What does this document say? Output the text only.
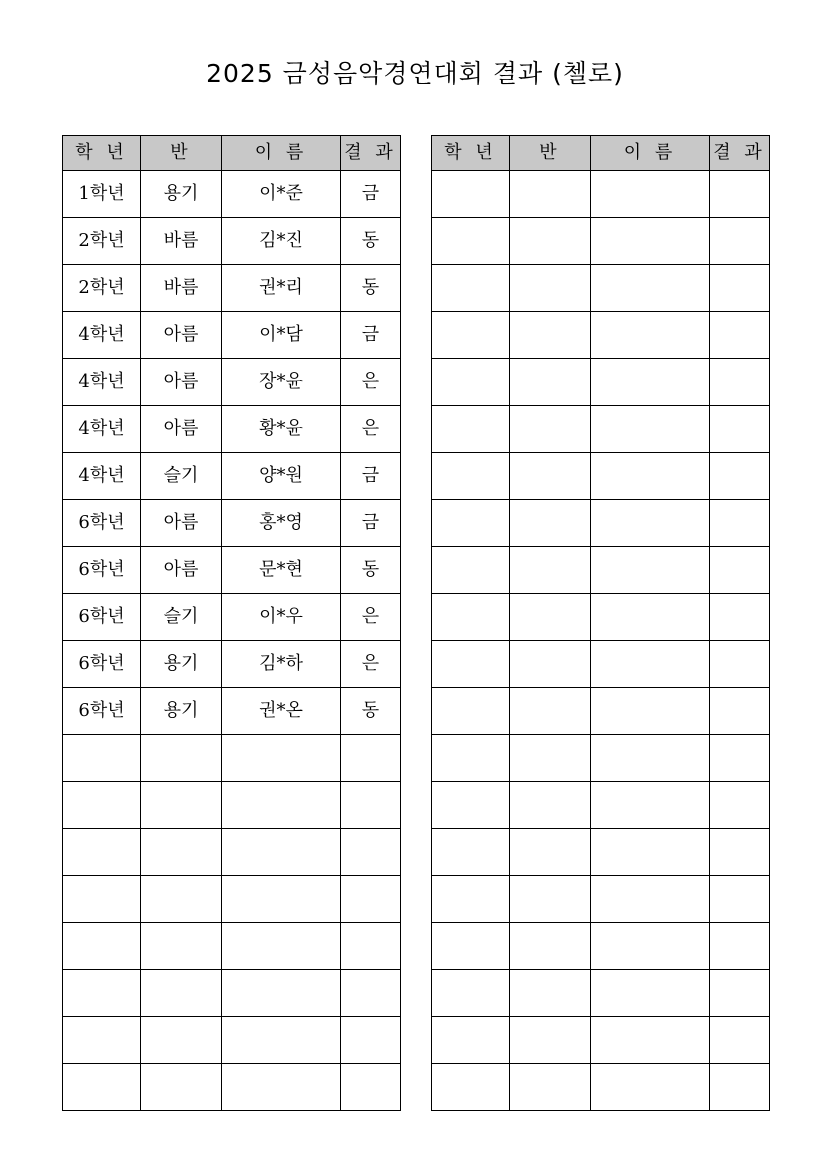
2025 금성음악경연대회 결과 (첼로)
학 년	반	이 름	결 과
1학년	용기	이*준	금
2학년	바름	김*진	동
2학년	바름	권*리	동
4학년	아름	이*담	금
4학년	아름	장*윤	은
4학년	아름	황*윤	은
4학년	슬기	양*원	금
6학년	아름	홍*영	금
6학년	아름	문*현	동
6학년	슬기	이*우	은
6학년	용기	김*하	은
6학년	용기	권*온	동

학 년	반	이 름	결 과
